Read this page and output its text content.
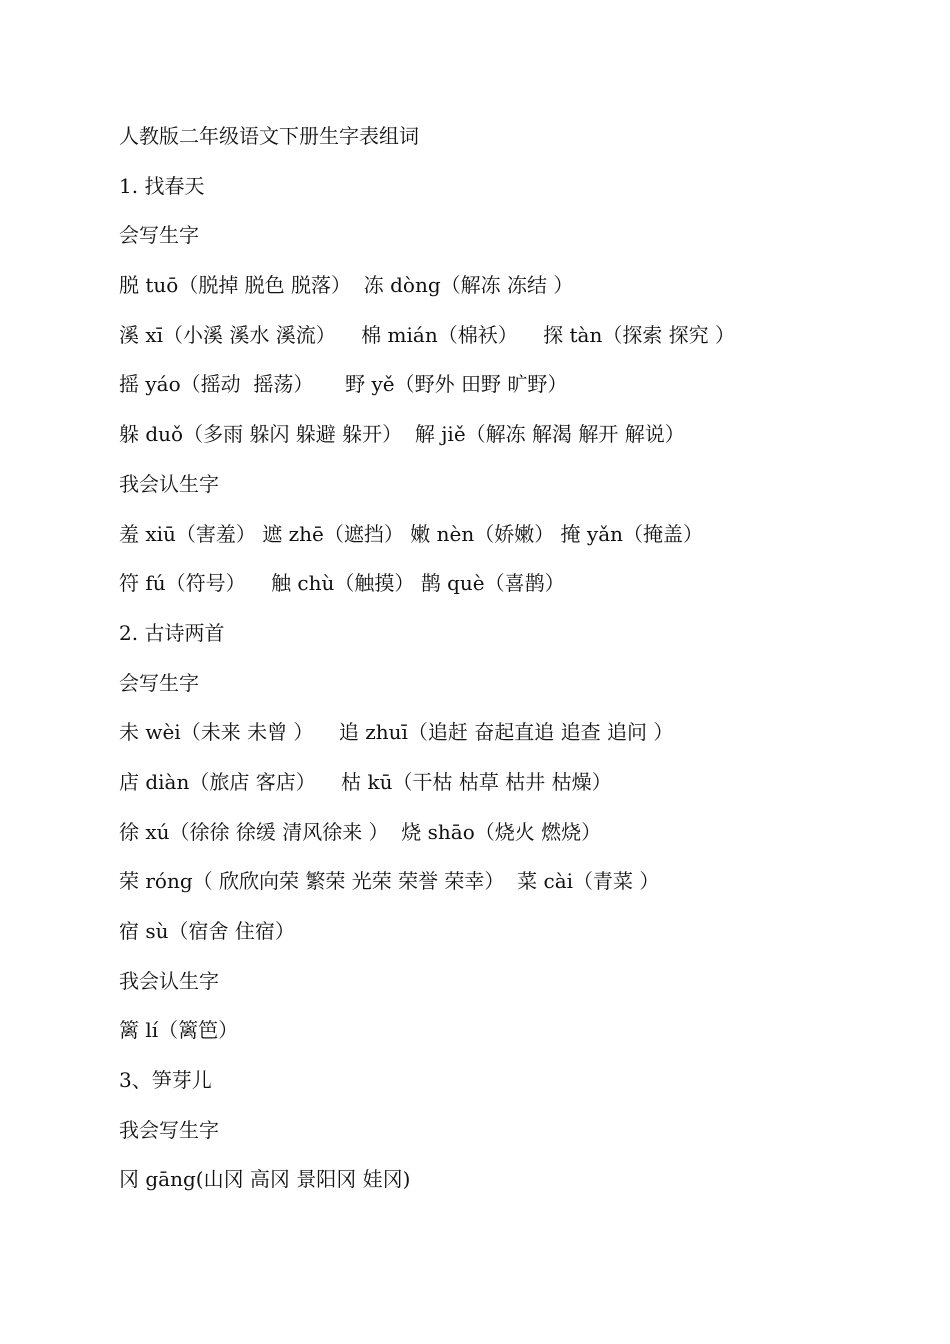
人教版二年级语文下册生字表组词
1. 找春天
会写生字
脱 tuō（脱掉 脱色 脱落）  冻 dòng（解冻 冻结 ）
溪 xī（小溪 溪水 溪流）    棉 mián（棉袄）    探 tàn（探索 探究 ）
摇 yáo（摇动  摇荡）     野 yě（野外 田野 旷野）
躲 duǒ（多雨 躲闪 躲避 躲开）  解 jiě（解冻 解渴 解开 解说）
我会认生字
羞 xiū（害羞） 遮 zhē（遮挡） 嫩 nèn（娇嫩） 掩 yǎn（掩盖）
符 fú（符号）    触 chù（触摸） 鹊 què（喜鹊）
2. 古诗两首
会写生字
未 wèi（未来 未曾 ）    追 zhuī（追赶 奋起直追 追查 追问 ）
店 diàn（旅店 客店）    枯 kū（干枯 枯草 枯井 枯燥）
徐 xú（徐徐 徐缓 清风徐来 ）  烧 shāo（烧火 燃烧）
荣 róng（ 欣欣向荣 繁荣 光荣 荣誉 荣幸）  菜 cài（青菜 ）
宿 sù（宿舍 住宿）
我会认生字
篱 lí（篱笆）
3、笋芽儿
我会写生字
冈 gāng(山冈 高冈 景阳冈 娃冈)
